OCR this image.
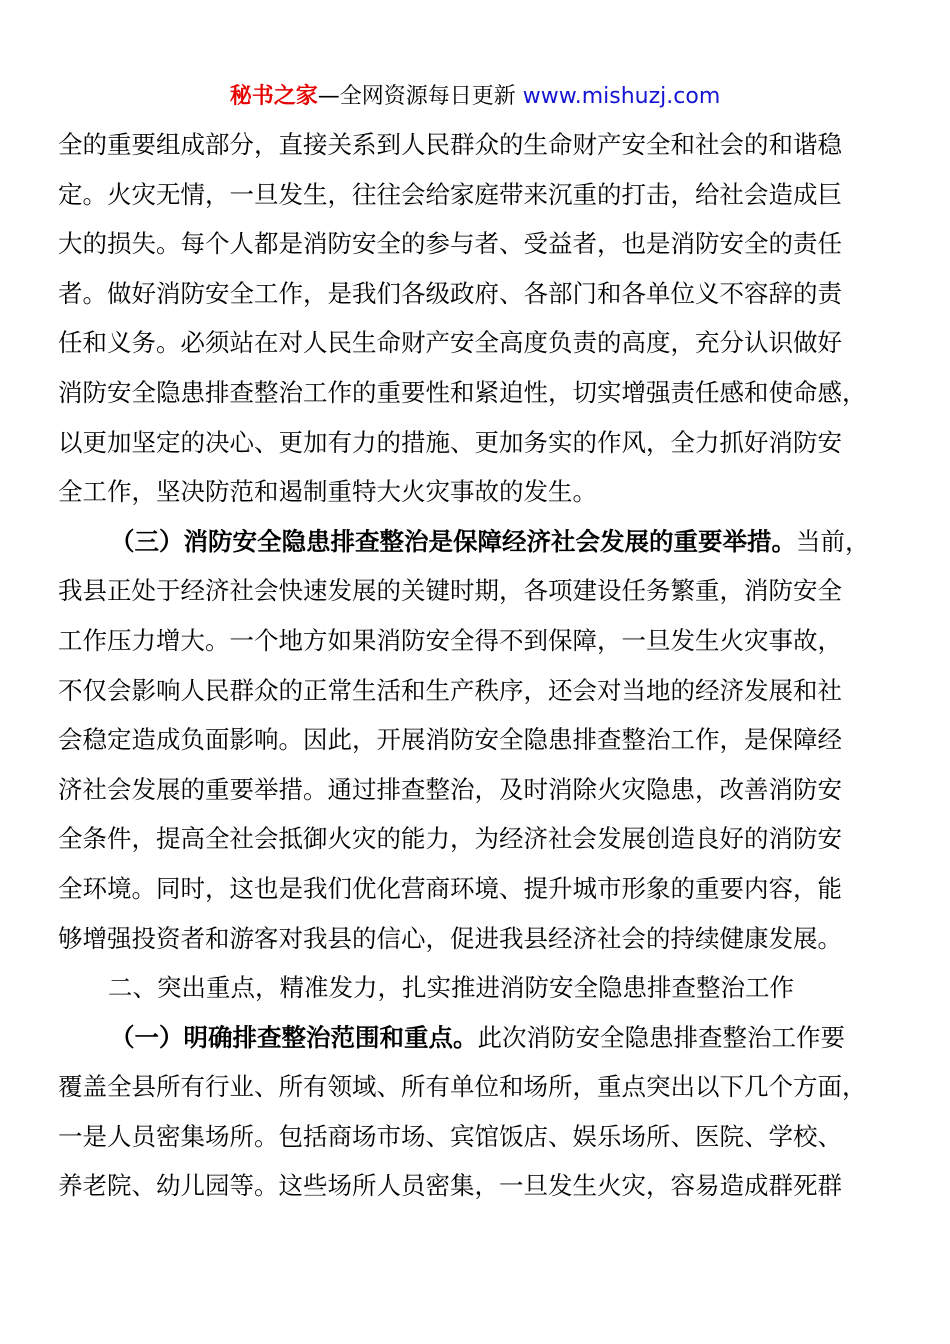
秘书之家—全网资源每日更新 www.mishuzj.com
全的重要组成部分，直接关系到人民群众的生命财产安全和社会的和谐稳
定。火灾无情，一旦发生，往往会给家庭带来沉重的打击，给社会造成巨
大的损失。每个人都是消防安全的参与者、受益者，也是消防安全的责任
者。做好消防安全工作，是我们各级政府、各部门和各单位义不容辞的责
任和义务。必须站在对人民生命财产安全高度负责的高度，充分认识做好
消防安全隐患排查整治工作的重要性和紧迫性，切实增强责任感和使命感，
以更加坚定的决心、更加有力的措施、更加务实的作风，全力抓好消防安
全工作，坚决防范和遏制重特大火灾事故的发生。
（三）消防安全隐患排查整治是保障经济社会发展的重要举措。当前，
我县正处于经济社会快速发展的关键时期，各项建设任务繁重，消防安全
工作压力增大。一个地方如果消防安全得不到保障，一旦发生火灾事故，
不仅会影响人民群众的正常生活和生产秩序，还会对当地的经济发展和社
会稳定造成负面影响。因此，开展消防安全隐患排查整治工作，是保障经
济社会发展的重要举措。通过排查整治，及时消除火灾隐患，改善消防安
全条件，提高全社会抵御火灾的能力，为经济社会发展创造良好的消防安
全环境。同时，这也是我们优化营商环境、提升城市形象的重要内容，能
够增强投资者和游客对我县的信心，促进我县经济社会的持续健康发展。
二、突出重点，精准发力，扎实推进消防安全隐患排查整治工作
（一）明确排查整治范围和重点。此次消防安全隐患排查整治工作要
覆盖全县所有行业、所有领域、所有单位和场所，重点突出以下几个方面，
一是人员密集场所。包括商场市场、宾馆饭店、娱乐场所、医院、学校、
养老院、幼儿园等。这些场所人员密集，一旦发生火灾，容易造成群死群
